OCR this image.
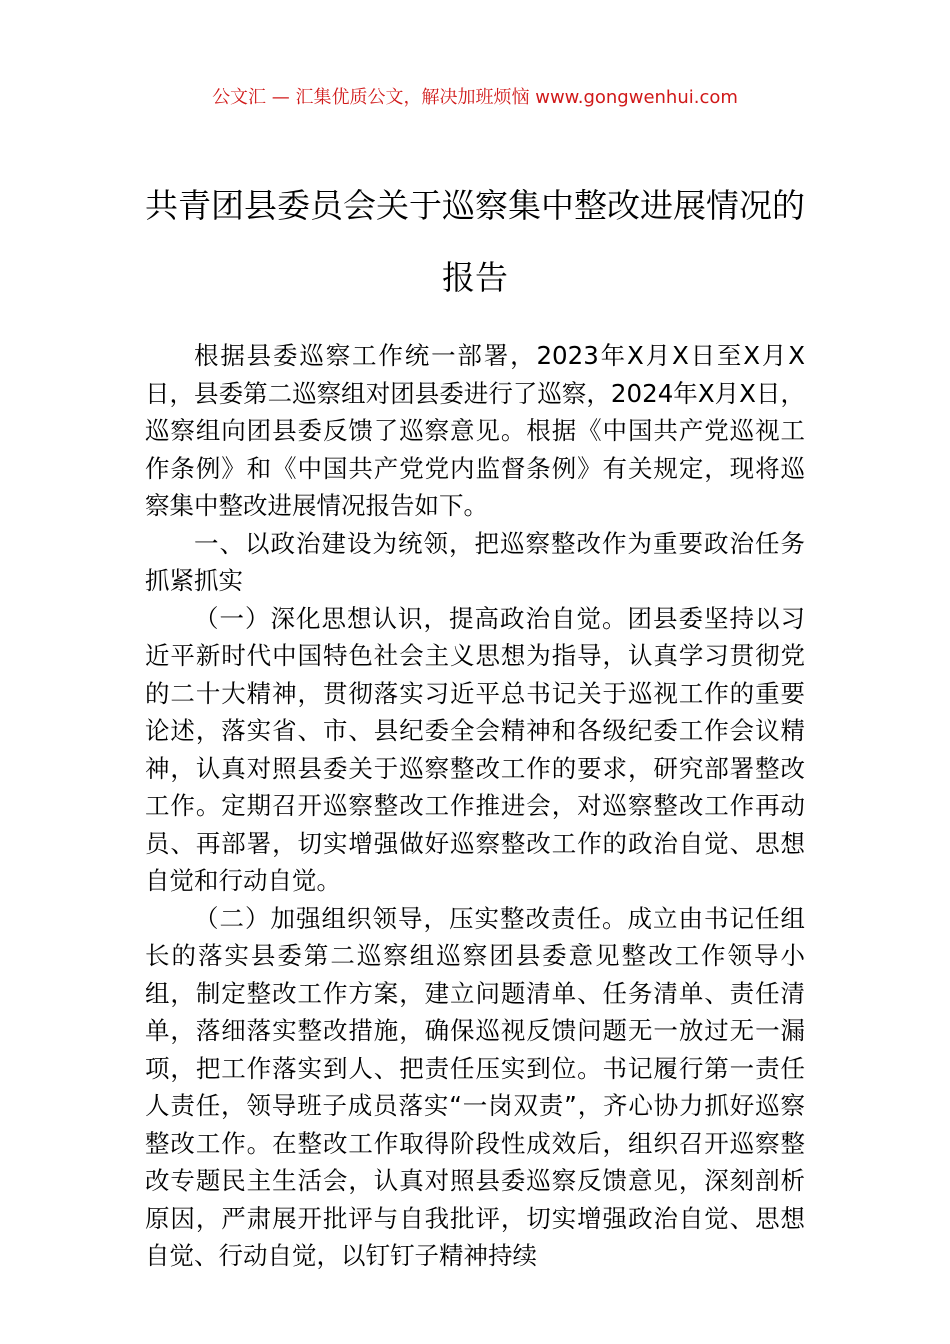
公文汇 — 汇集优质公文，解决加班烦恼 www.gongwenhui.com
共青团县委员会关于巡察集中整改进展情况的报告

根据县委巡察工作统一部署，2023年X月X日至X月X日，县委第二巡察组对团县委进行了巡察，2024年X月X日，巡察组向团县委反馈了巡察意见。根据《中国共产党巡视工作条例》和《中国共产党党内监督条例》有关规定，现将巡察集中整改进展情况报告如下。

一、以政治建设为统领，把巡察整改作为重要政治任务抓紧抓实

（一）深化思想认识，提高政治自觉。团县委坚持以习近平新时代中国特色社会主义思想为指导，认真学习贯彻党的二十大精神，贯彻落实习近平总书记关于巡视工作的重要论述，落实省、市、县纪委全会精神和各级纪委工作会议精神，认真对照县委关于巡察整改工作的要求，研究部署整改工作。定期召开巡察整改工作推进会，对巡察整改工作再动员、再部署，切实增强做好巡察整改工作的政治自觉、思想自觉和行动自觉。

（二）加强组织领导，压实整改责任。成立由书记任组长的落实县委第二巡察组巡察团县委意见整改工作领导小组，制定整改工作方案，建立问题清单、任务清单、责任清单，落细落实整改措施，确保巡视反馈问题无一放过无一漏项，把工作落实到人、把责任压实到位。书记履行第一责任人责任，领导班子成员落实“一岗双责”，齐心协力抓好巡察整改工作。在整改工作取得阶段性成效后，组织召开巡察整改专题民主生活会，认真对照县委巡察反馈意见，深刻剖析原因，严肃展开批评与自我批评，切实增强政治自觉、思想自觉、行动自觉，以钉钉子精神持续
